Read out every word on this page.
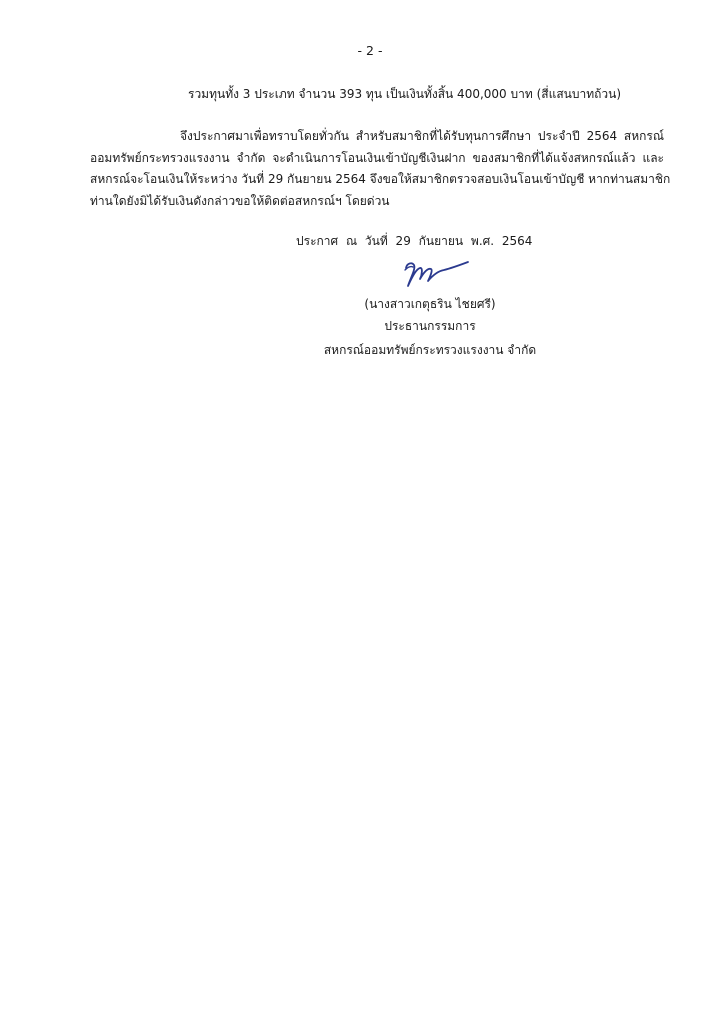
- 2 -
รวมทุนทั้ง 3 ประเภท จำนวน 393 ทุน เป็นเงินทั้งสิ้น 400,000 บาท (สี่แสนบาทถ้วน)
จึงประกาศมาเพื่อทราบโดยทั่วกัน สำหรับสมาชิกที่ได้รับทุนการศึกษา ประจำปี 2564 สหกรณ์
ออมทรัพย์กระทรวงแรงงาน จำกัด จะดำเนินการโอนเงินเข้าบัญชีเงินฝาก ของสมาชิกที่ได้แจ้งสหกรณ์แล้ว และ
สหกรณ์จะโอนเงินให้ระหว่าง วันที่ 29 กันยายน 2564 จึงขอให้สมาชิกตรวจสอบเงินโอนเข้าบัญชี หากท่านสมาชิก
ท่านใดยังมิได้รับเงินดังกล่าวขอให้ติดต่อสหกรณ์ฯ โดยด่วน
ประกาศ ณ วันที่ 29 กันยายน พ.ศ. 2564
(นางสาวเกตุธริน ไชยศรี)
ประธานกรรมการ
สหกรณ์ออมทรัพย์กระทรวงแรงงาน จำกัด
